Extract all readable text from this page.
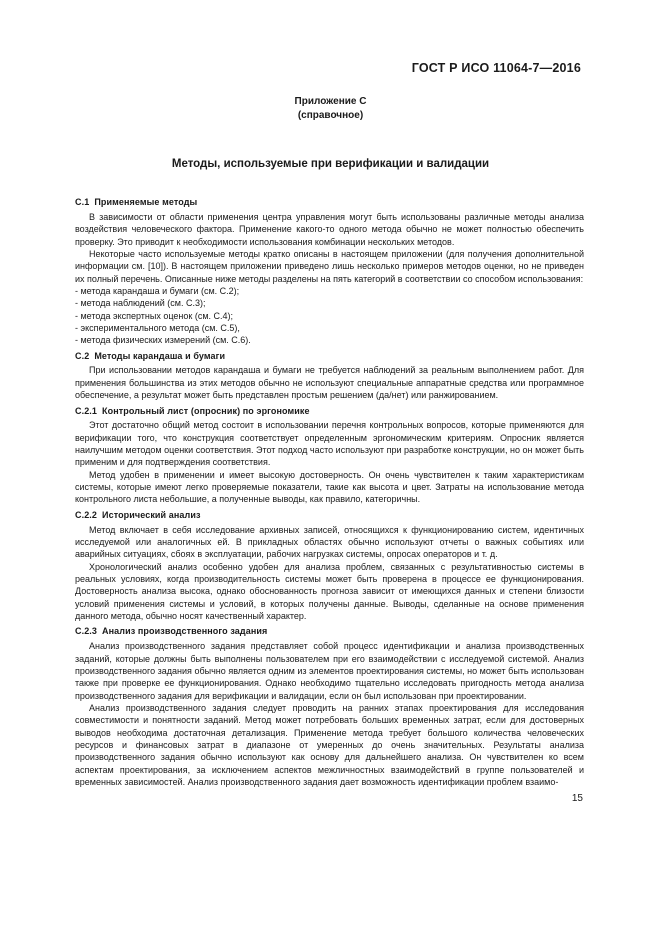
ГОСТ Р ИСО 11064-7—2016
Приложение С
(справочное)
Методы, используемые при верификации и валидации
С.1 Применяемые методы

В зависимости от области применения центра управления могут быть использованы различные методы анализа воздействия человеческого фактора. Применение какого-то одного метода обычно не может полностью обеспечить проверку. Это приводит к необходимости использования комбинации нескольких методов.

Некоторые часто используемые методы кратко описаны в настоящем приложении (для получения дополнительной информации см. [10]). В настоящем приложении приведено лишь несколько примеров методов оценки, но не приведен их полный перечень. Описанные ниже методы разделены на пять категорий в соответствии со способом использования:

- метода карандаша и бумаги (см. С.2);
- метода наблюдений (см. С.3);
- метода экспертных оценок (см. С.4);
- экспериментального метода (см. С.5),
- метода физических измерений (см. С.6).
С.2 Методы карандаша и бумаги

При использовании методов карандаша и бумаги не требуется наблюдений за реальным выполнением работ. Для применения большинства из этих методов обычно не используют специальные аппаратные средства или программное обеспечение, а результат может быть представлен простым решением (да/нет) или ранжированием.

С.2.1 Контрольный лист (опросник) по эргономике

Этот достаточно общий метод состоит в использовании перечня контрольных вопросов, которые применяются для верификации того, что конструкция соответствует определенным эргономическим критериям. Опросник является наилучшим методом оценки соответствия. Этот подход часто используют при разработке конструкции, но он может быть применим и для подтверждения соответствия.

Метод удобен в применении и имеет высокую достоверность. Он очень чувствителен к таким характеристикам системы, которые имеют легко проверяемые показатели, такие как высота и цвет. Затраты на использование метода контрольного листа небольшие, а полученные выводы, как правило, категоричны.

С.2.2 Исторический анализ

Метод включает в себя исследование архивных записей, относящихся к функционированию систем, идентичных исследуемой или аналогичных ей. В прикладных областях обычно используют отчеты о важных событиях или аварийных ситуациях, сбоях в эксплуатации, рабочих нагрузках системы, опросах операторов и т. д.

Хронологический анализ особенно удобен для анализа проблем, связанных с результативностью системы в реальных условиях, когда производительность системы может быть проверена в процессе ее функционирования. Достоверность анализа высока, однако обоснованность прогноза зависит от имеющихся данных и степени близости условий применения системы и условий, в которых получены данные. Выводы, сделанные на основе применения данного метода, обычно носят качественный характер.

С.2.3 Анализ производственного задания

Анализ производственного задания представляет собой процесс идентификации и анализа производственных заданий, которые должны быть выполнены пользователем при его взаимодействии с исследуемой системой. Анализ производственного задания обычно является одним из элементов проектирования системы, но может быть использован также при проверке ее функционирования. Однако необходимо тщательно исследовать пригодность метода анализа производственного задания для верификации и валидации, если он был использован при проектировании.

Анализ производственного задания следует проводить на ранних этапах проектирования для исследования совместимости и понятности заданий. Метод может потребовать больших временных затрат, если для достоверных выводов необходима достаточная детализация. Применение метода требует большого количества человеческих ресурсов и финансовых затрат в диапазоне от умеренных до очень значительных. Результаты анализа производственного задания обычно используют как основу для дальнейшего анализа. Он чувствителен ко всем аспектам проектирования, за исключением аспектов межличностных взаимодействий в группе пользователей и временных зависимостей. Анализ производственного задания дает возможность идентификации проблем взаимо-

15
